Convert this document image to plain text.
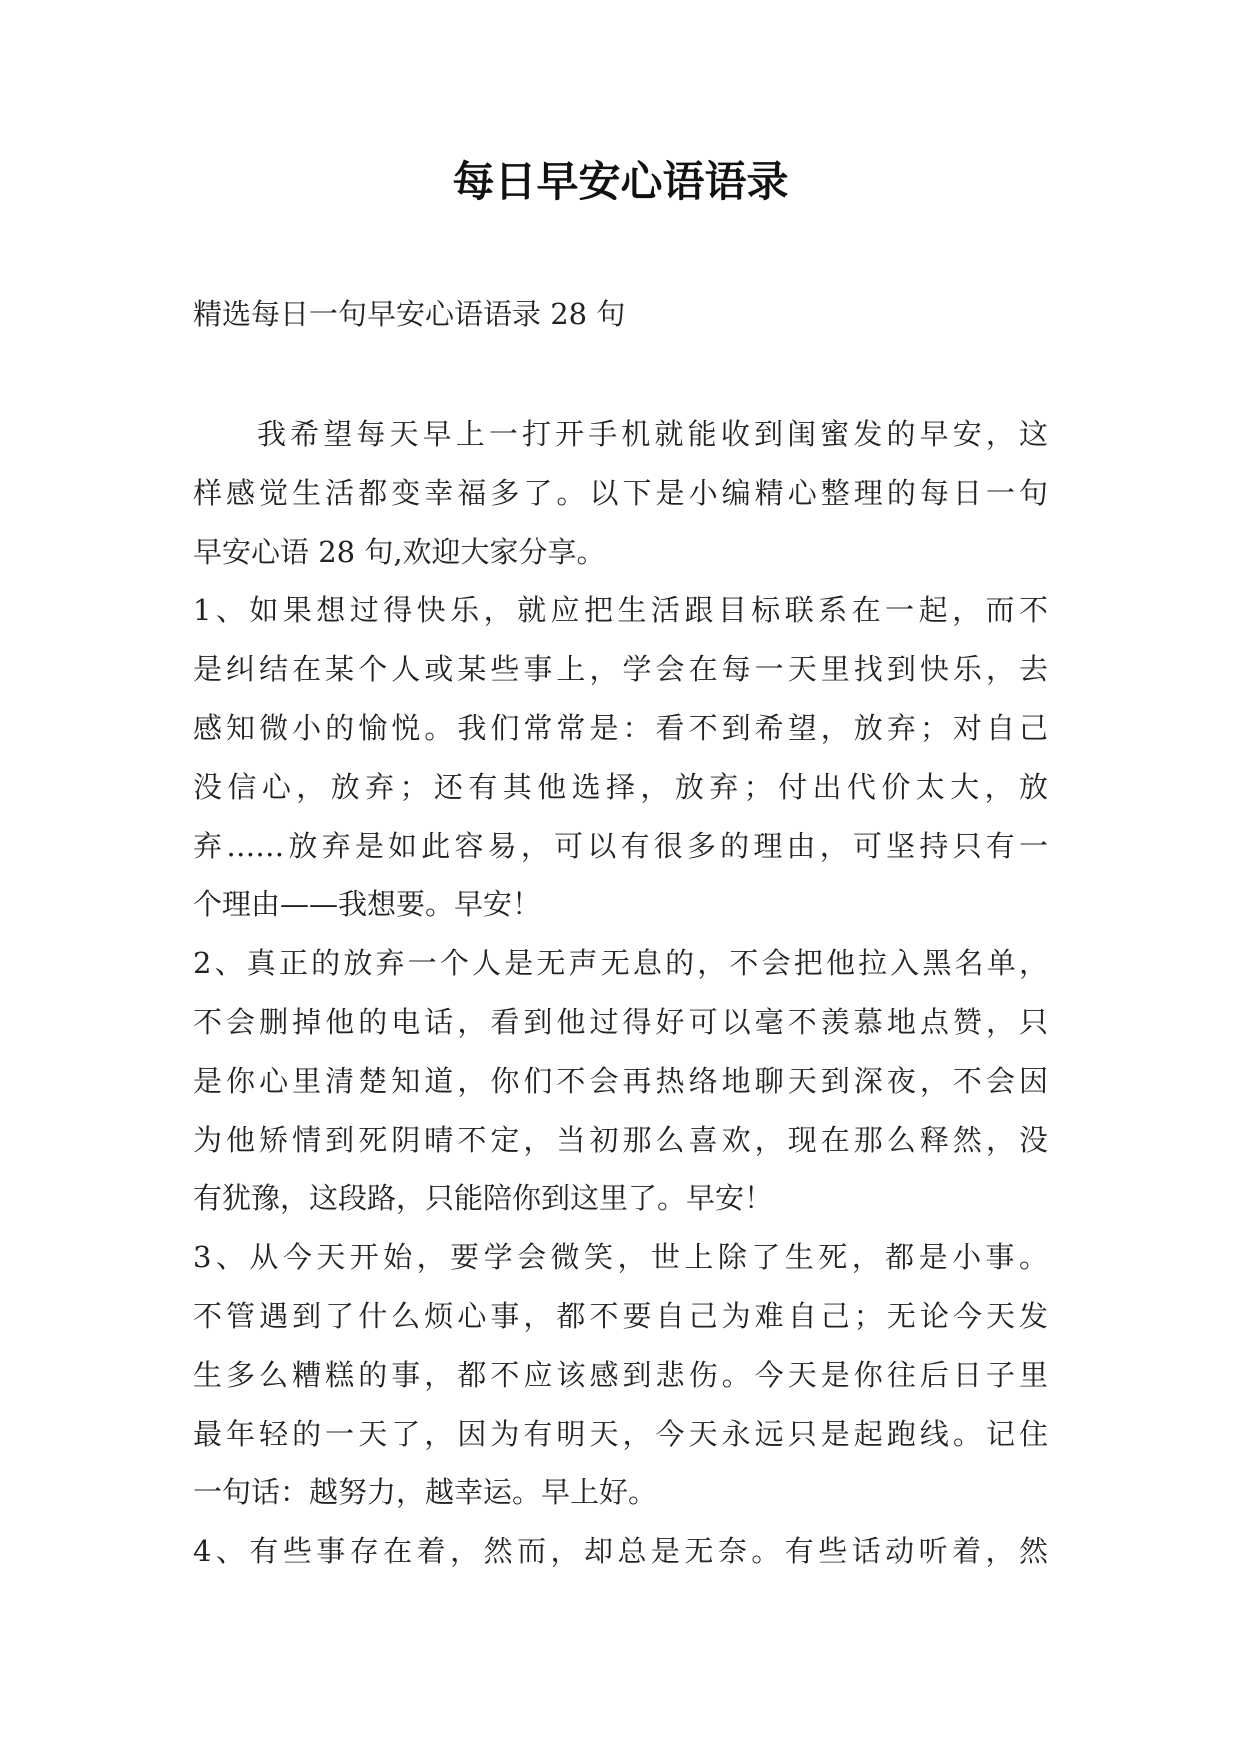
每日早安心语语录
精选每日一句早安心语语录 28 句
我希望每天早上一打开手机就能收到闺蜜发的早安，这
样感觉生活都变幸福多了。以下是小编精心整理的每日一句
早安心语 28 句,欢迎大家分享。
1、如果想过得快乐，就应把生活跟目标联系在一起，而不
是纠结在某个人或某些事上，学会在每一天里找到快乐，去
感知微小的愉悦。我们常常是：看不到希望，放弃；对自己
没信心，放弃；还有其他选择，放弃；付出代价太大，放
弃……放弃是如此容易，可以有很多的理由，可坚持只有一
个理由——我想要。早安！
2、真正的放弃一个人是无声无息的，不会把他拉入黑名单，
不会删掉他的电话，看到他过得好可以毫不羡慕地点赞，只
是你心里清楚知道，你们不会再热络地聊天到深夜，不会因
为他矫情到死阴晴不定，当初那么喜欢，现在那么释然，没
有犹豫，这段路，只能陪你到这里了。早安！
3、从今天开始，要学会微笑，世上除了生死，都是小事。
不管遇到了什么烦心事，都不要自己为难自己；无论今天发
生多么糟糕的事，都不应该感到悲伤。今天是你往后日子里
最年轻的一天了，因为有明天，今天永远只是起跑线。记住
一句话：越努力，越幸运。早上好。
4、有些事存在着，然而，却总是无奈。有些话动听着，然
